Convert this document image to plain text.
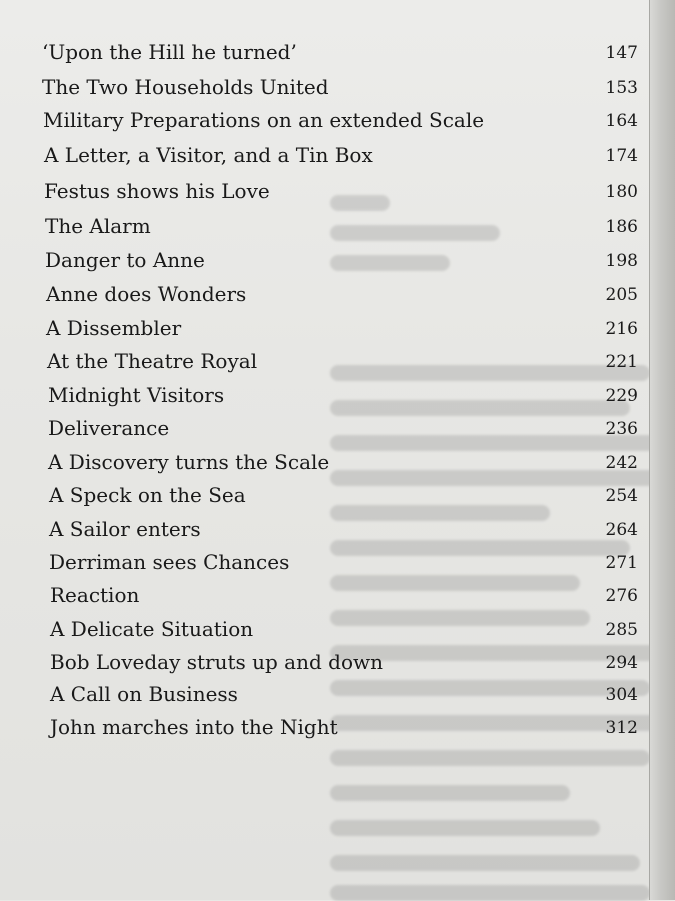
‘Upon the Hill he turned’	147
The Two Households United	153
Military Preparations on an extended Scale	164
A Letter, a Visitor, and a Tin Box	174
Festus shows his Love	180
The Alarm	186
Danger to Anne	198
Anne does Wonders	205
A Dissembler	216
At the Theatre Royal	221
Midnight Visitors	229
Deliverance	236
A Discovery turns the Scale	242
A Speck on the Sea	254
A Sailor enters	264
Derriman sees Chances	271
Reaction	276
A Delicate Situation	285
Bob Loveday struts up and down	294
A Call on Business	304
John marches into the Night	312
